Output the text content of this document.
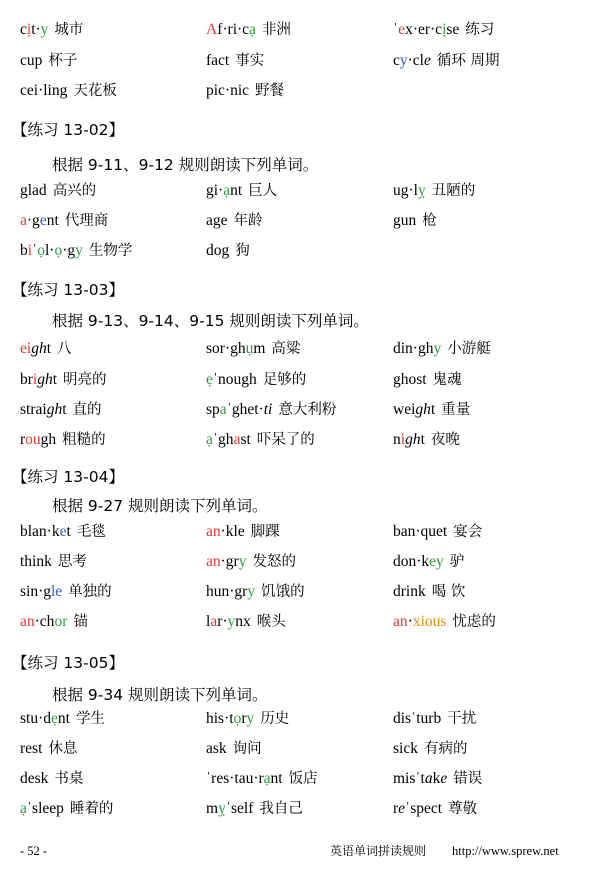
cịt·y 城市	Af·ri·cạ 非洲	ˈex·er·cịse 练习
cup 杯子	fact 事实	cy·cle 循环 周期
cei·ling 天花板	pic·nic 野餐
【练习 13-02】
根据 9-11、9-12 规则朗读下列单词。
glad 高兴的	gi·ạnt 巨人	ug·lỵ 丑陋的
a·gent 代理商	age 年龄	gun 枪
biˈọl·ọ·gy 生物学	dog 狗
【练习 13-03】
根据 9-13、9-14、9-15 规则朗读下列单词。
eight 八	sor·ghụm 高粱	din·ghy 小游艇
bright 明亮的	ẹˈnough 足够的	ghost 鬼魂
straight 直的	spaˈghet·ti 意大利粉	weight 重量
rough 粗糙的	ạˈghast 吓呆了的	night 夜晚
【练习 13-04】
根据 9-27 规则朗读下列单词。
blan·ket 毛毯	an·kle 脚踝	ban·quet 宴会
think 思考	an·gry 发怒的	don·key 驴
sin·gle 单独的	hun·gry 饥饿的	drink 喝 饮
an·chor 锚	lar·ynx 喉头	an·xious 忧虑的
【练习 13-05】
根据 9-34 规则朗读下列单词。
stu·dẹnt 学生	his·tọry 历史	disˈturb 干扰
rest 休息	ask 询问	sick 有病的
desk 书桌	ˈres·tau·rạnt 饭店	misˈtake 错误
ạˈsleep 睡着的	mỵˈself 我自己	reˈspect 尊敬
- 52 -	英语单词拼读规则 http://www.sprew.net
